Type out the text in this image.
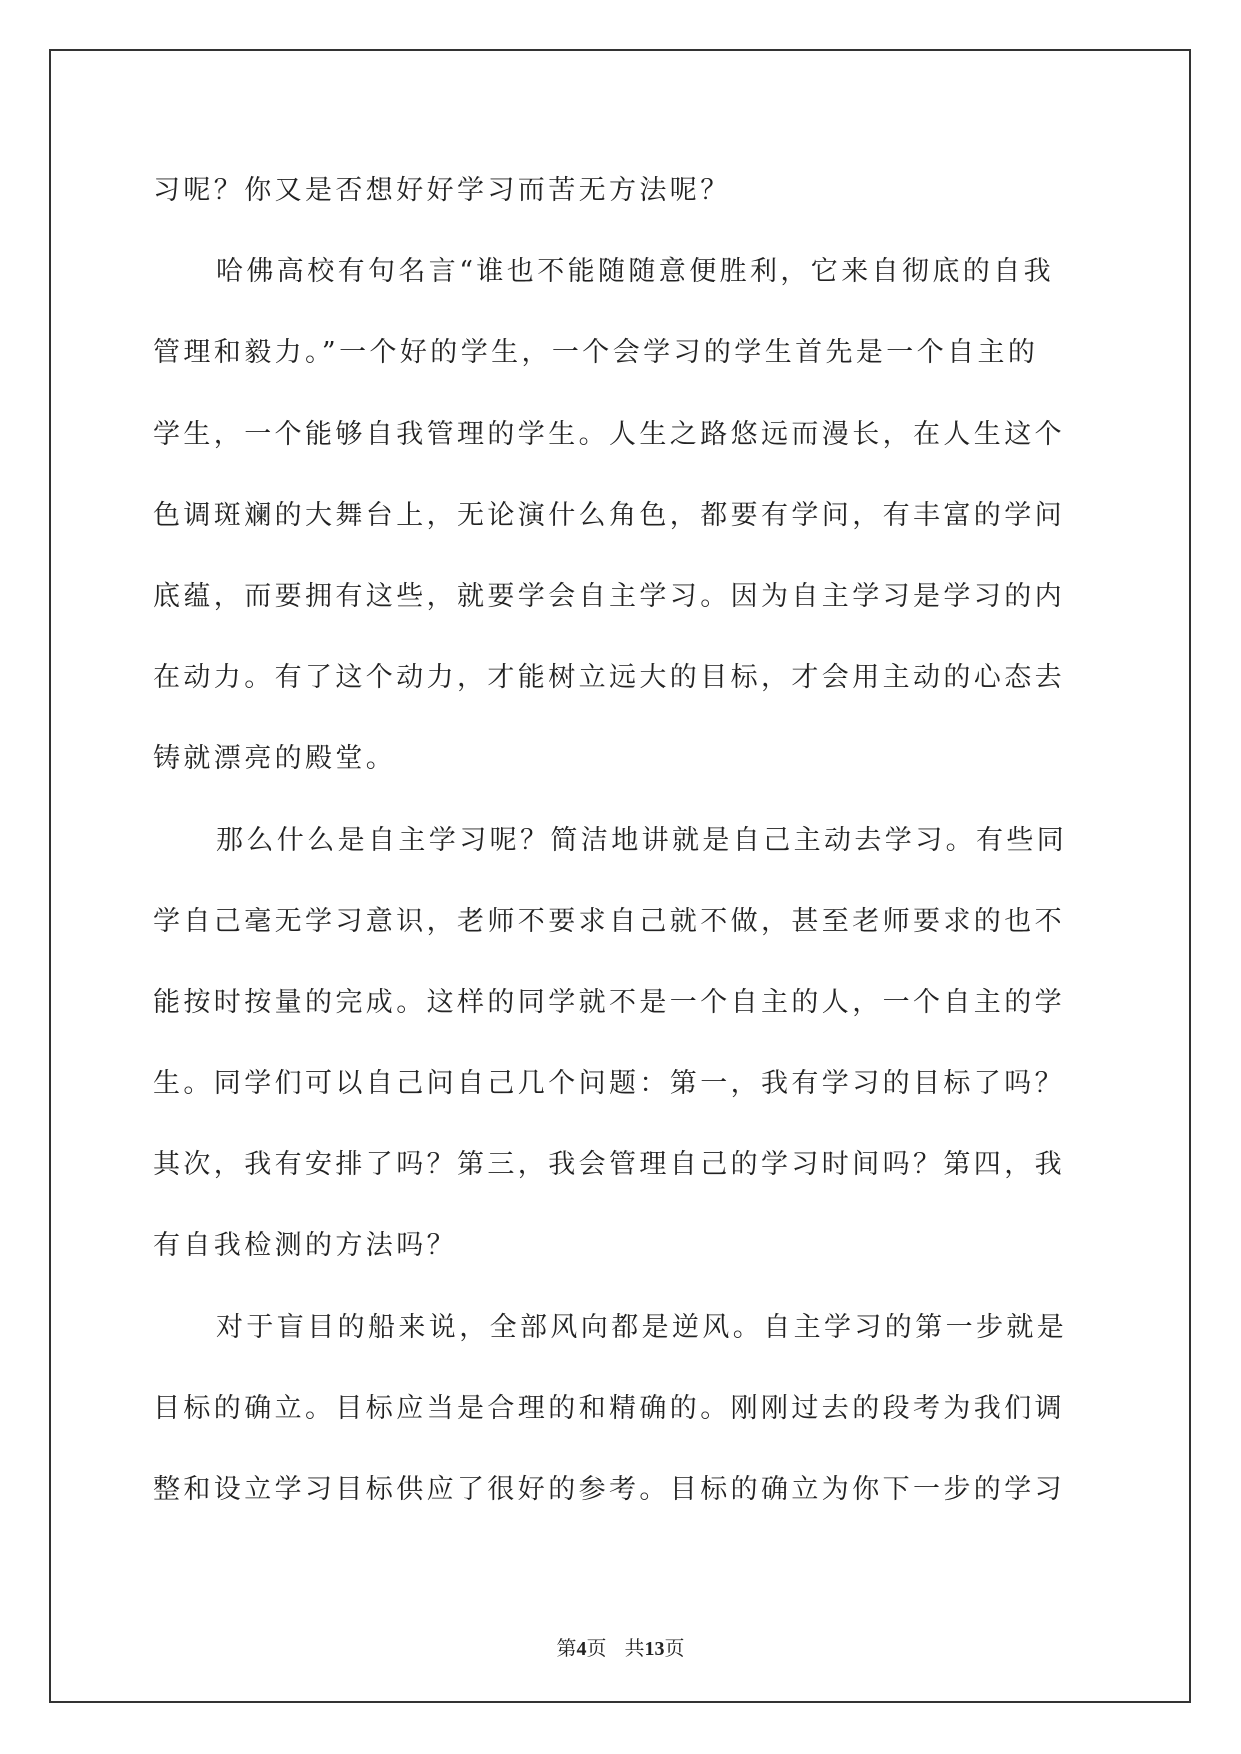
习呢？你又是否想好好学习而苦无方法呢？
哈佛高校有句名言“谁也不能随随意便胜利，它来自彻底的自我
管理和毅力。”一个好的学生，一个会学习的学生首先是一个自主的
学生，一个能够自我管理的学生。人生之路悠远而漫长，在人生这个
色调斑斓的大舞台上，无论演什么角色，都要有学问，有丰富的学问
底蕴，而要拥有这些，就要学会自主学习。因为自主学习是学习的内
在动力。有了这个动力，才能树立远大的目标，才会用主动的心态去
铸就漂亮的殿堂。
那么什么是自主学习呢？简洁地讲就是自己主动去学习。有些同
学自己毫无学习意识，老师不要求自己就不做，甚至老师要求的也不
能按时按量的完成。这样的同学就不是一个自主的人，一个自主的学
生。同学们可以自己问自己几个问题：第一，我有学习的目标了吗？
其次，我有安排了吗？第三，我会管理自己的学习时间吗？第四，我
有自我检测的方法吗？
对于盲目的船来说，全部风向都是逆风。自主学习的第一步就是
目标的确立。目标应当是合理的和精确的。刚刚过去的段考为我们调
整和设立学习目标供应了很好的参考。目标的确立为你下一步的学习
第4页 共13页
